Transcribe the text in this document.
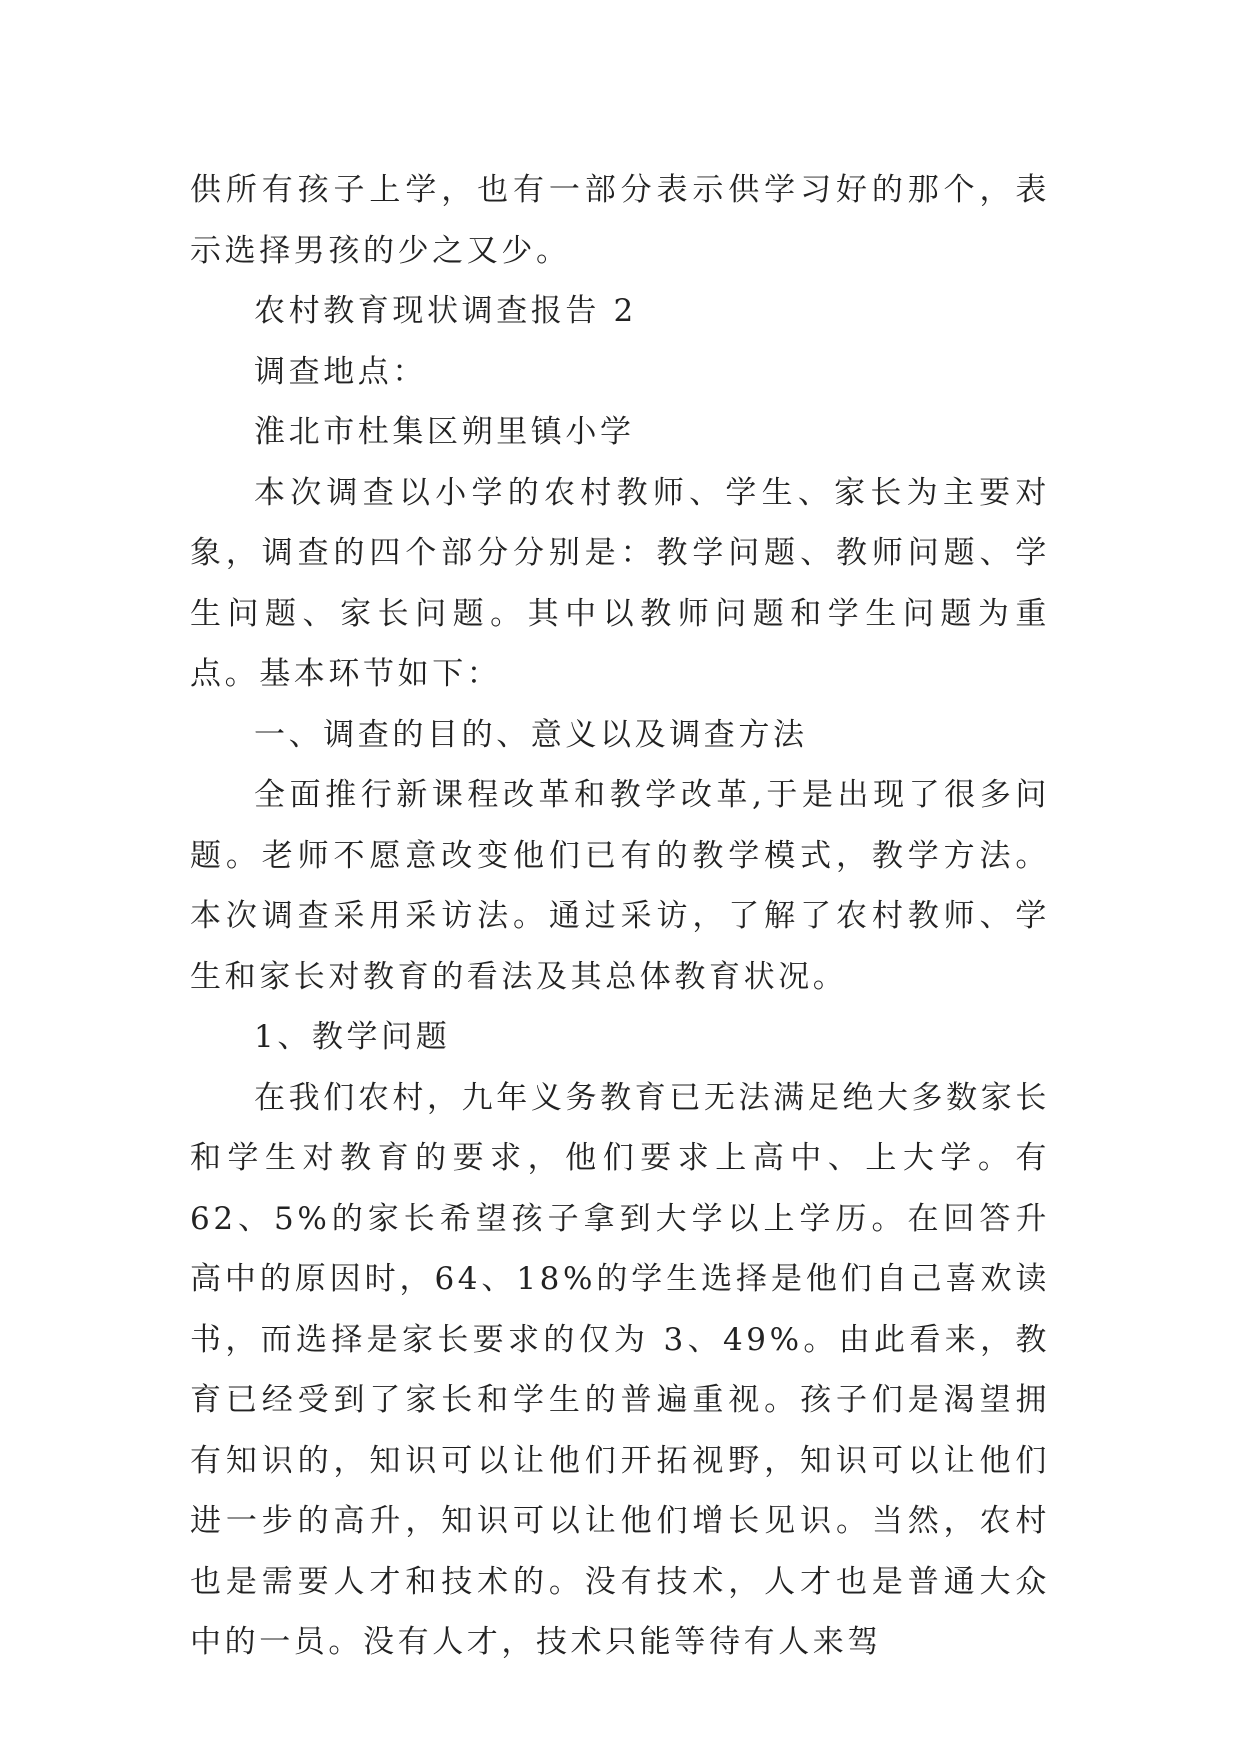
供所有孩子上学，也有一部分表示供学习好的那个，表示选择男孩的少之又少。

农村教育现状调查报告 2

调查地点：

淮北市杜集区朔里镇小学

本次调查以小学的农村教师、学生、家长为主要对象，调查的四个部分分别是：教学问题、教师问题、学生问题、家长问题。其中以教师问题和学生问题为重点。基本环节如下：

一、调查的目的、意义以及调查方法

全面推行新课程改革和教学改革,于是出现了很多问题。老师不愿意改变他们已有的教学模式，教学方法。本次调查采用采访法。通过采访，了解了农村教师、学生和家长对教育的看法及其总体教育状况。

1、教学问题

在我们农村，九年义务教育已无法满足绝大多数家长和学生对教育的要求，他们要求上高中、上大学。有 62、5%的家长希望孩子拿到大学以上学历。在回答升高中的原因时，64、18%的学生选择是他们自己喜欢读书，而选择是家长要求的仅为 3、49%。由此看来，教育已经受到了家长和学生的普遍重视。孩子们是渴望拥有知识的，知识可以让他们开拓视野，知识可以让他们进一步的高升，知识可以让他们增长见识。当然，农村也是需要人才和技术的。没有技术，人才也是普通大众中的一员。没有人才，技术只能等待有人来驾
